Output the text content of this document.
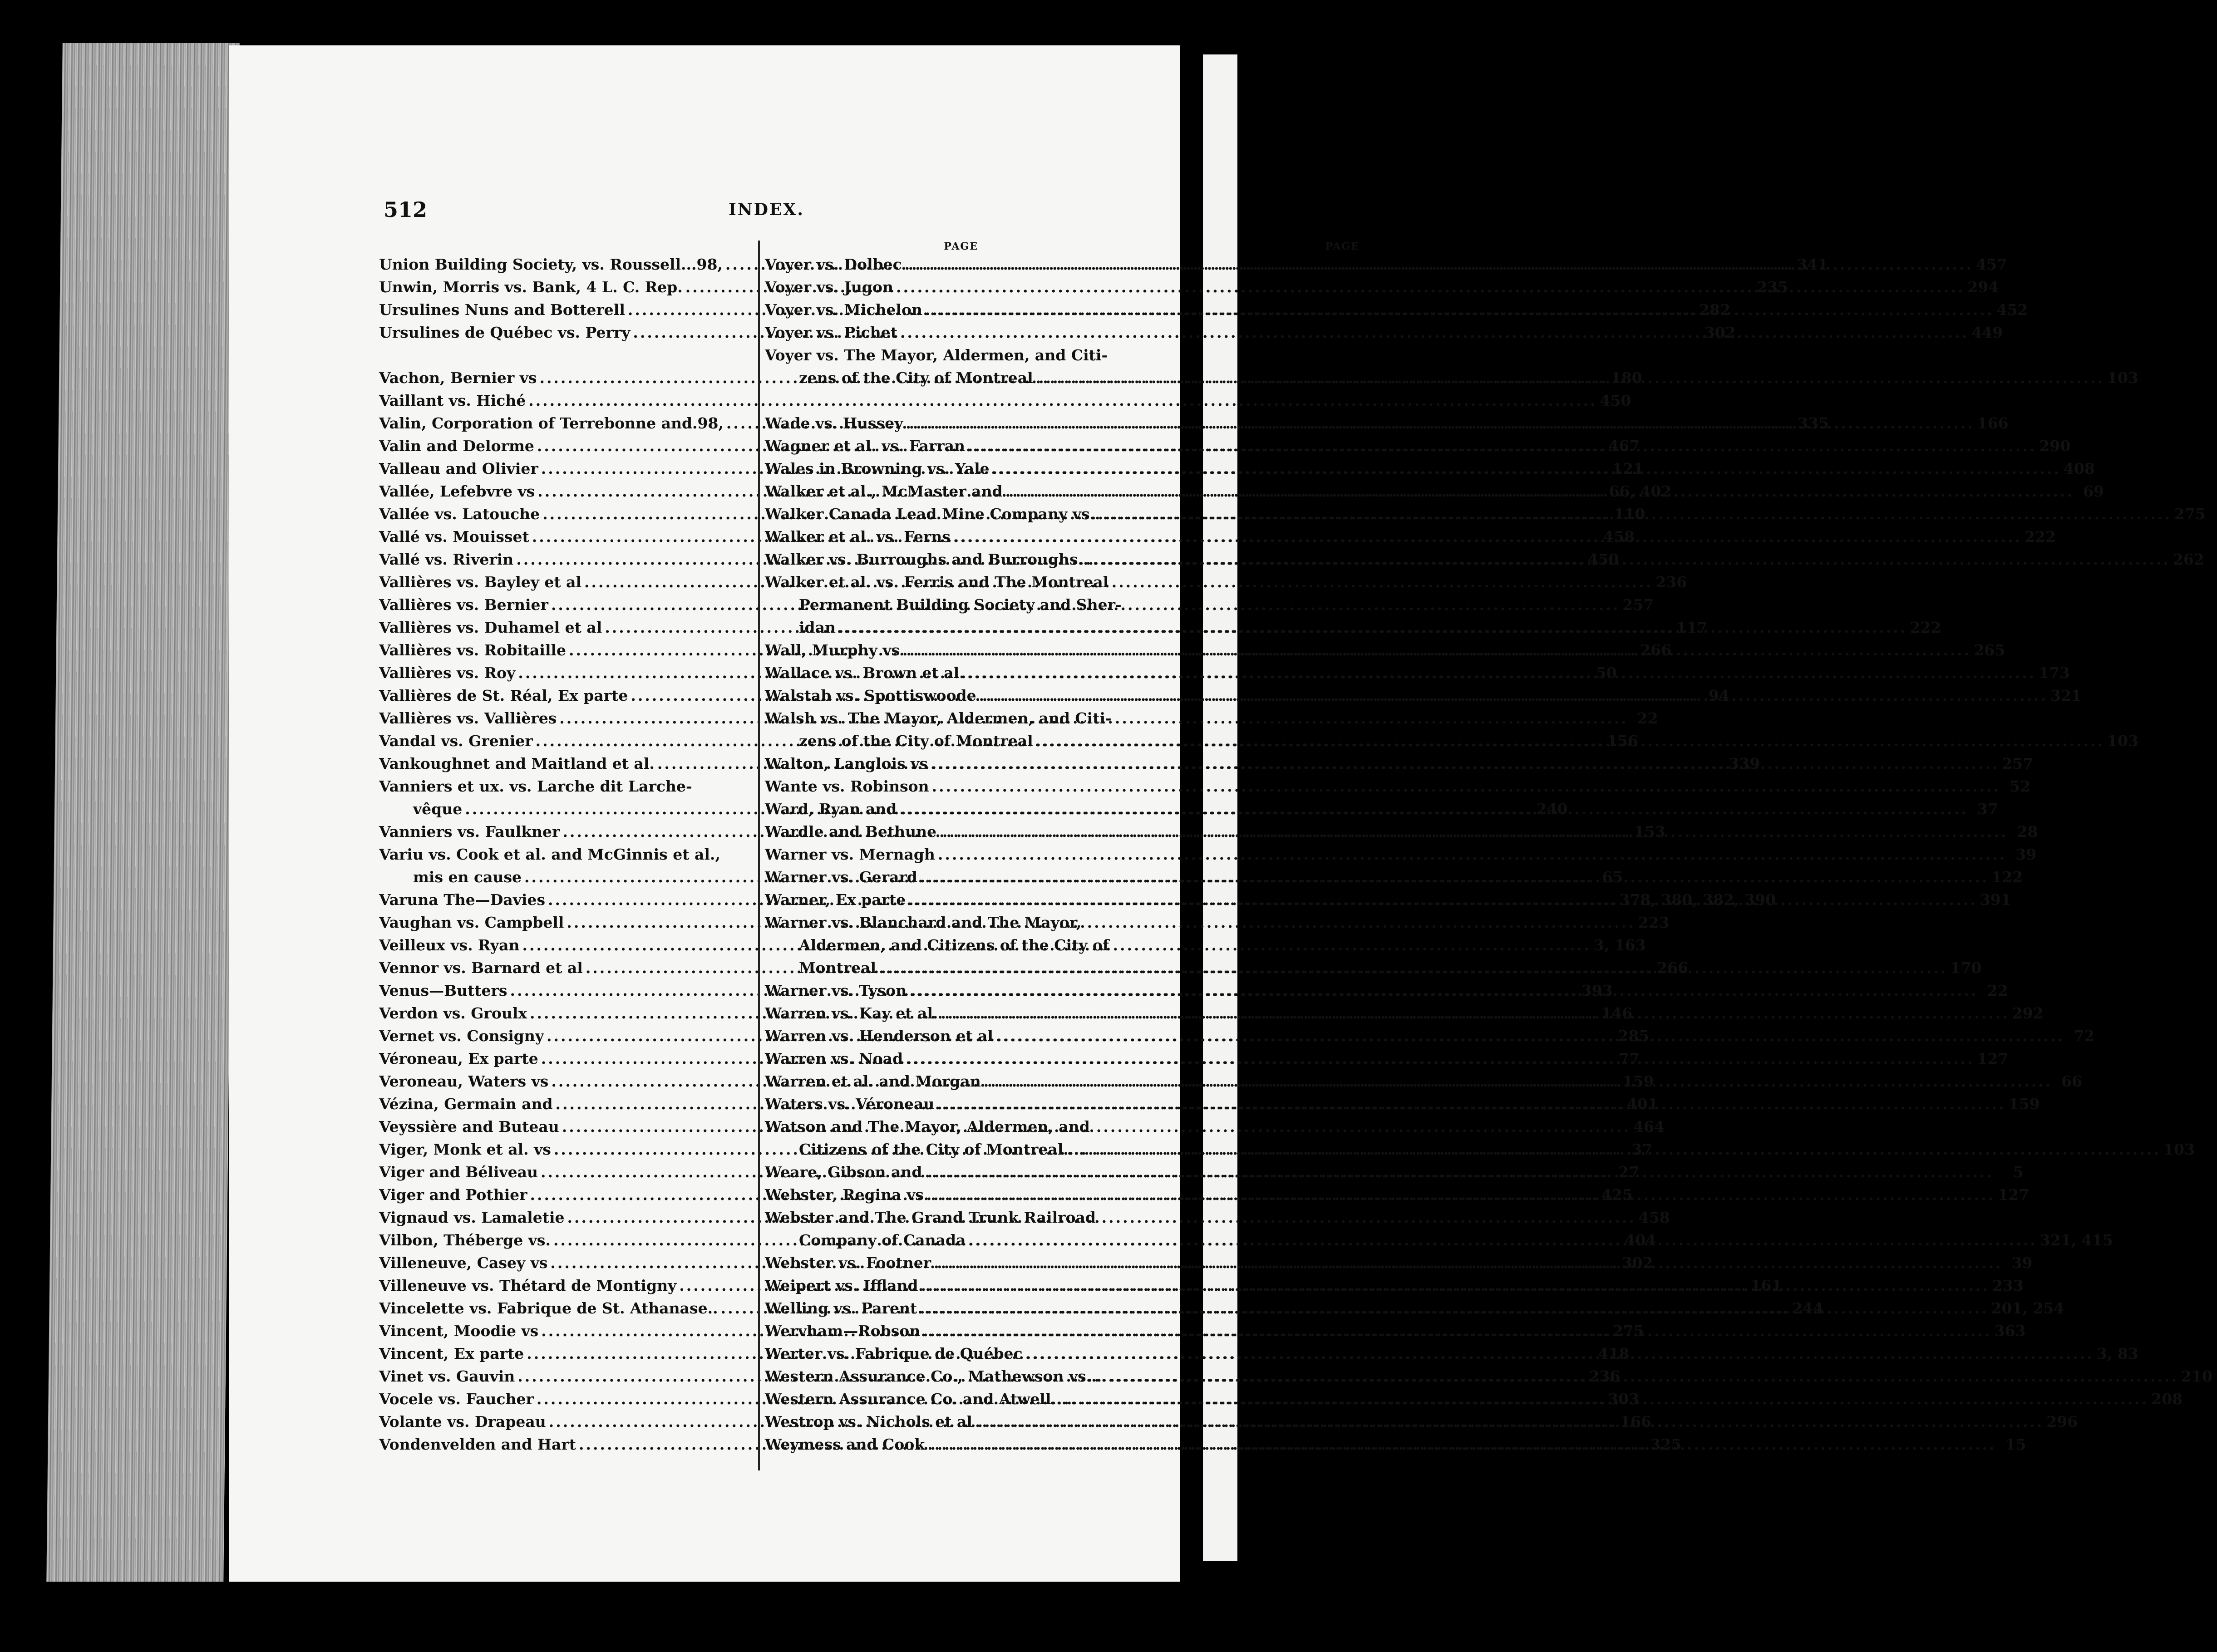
512	INDEX.
PAGE
Union Building Society, vs. Roussell...98, .....	341
Unwin, Morris vs. Bank, 4 L. C. Rep. .....	235
Ursulines Nuns and Botterell .....	282
Ursulines de Québec vs. Perry .....	302
Vachon, Bernier vs .....	180
Vaillant vs. Hiché .....	450
Valin, Corporation of Terrebonne and.98, .....	335
Valin and Delorme .....	467
Valleau and Olivier .....	121
Vallée, Lefebvre vs .....	66, 402
Vallée vs. Latouche .....	110
Vallé vs. Mouisset .....	458
Vallé vs. Riverin .....	450
Vallières vs. Bayley et al .....	236
Vallières vs. Bernier .....	257
Vallières vs. Duhamel et al .....	117
Vallières vs. Robitaille .....	266
Vallières vs. Roy .....	50
Vallières de St. Réal, Ex parte .....	94
Vallières vs. Vallières .....	22
Vandal vs. Grenier .....	156
Vankoughnet and Maitland et al. .....	339
Vanniers et ux. vs. Larche dit Larche-
vêque .....	240
Vanniers vs. Faulkner .....	153
Variu vs. Cook et al. and McGinnis et al.,
mis en cause .....	65
Varuna The—Davies .....	378, 380, 382, 390
Vaughan vs. Campbell .....	223
Veilleux vs. Ryan .....	3, 163
Vennor vs. Barnard et al .....	266
Venus—Butters .....	393
Verdon vs. Groulx .....	146
Vernet vs. Consigny .....	285
Véroneau, Ex parte .....	77
Veroneau, Waters vs .....	159
Vézina, Germain and .....	401
Veyssière and Buteau .....	464
Viger, Monk et al. vs .....	37
Viger and Béliveau .....	27
Viger and Pothier .....	425
Vignaud vs. Lamaletie .....	458
Vilbon, Théberge vs. .....	404
Villeneuve, Casey vs .....	302
Villeneuve vs. Thétard de Montigny .....	161
Vincelette vs. Fabrique de St. Athanase.. .....	244
Vincent, Moodie vs .....	275
Vincent, Ex parte .....	418
Vinet vs. Gauvin .....	236
Vocele vs. Faucher .....	303
Volante vs. Drapeau .....	166
Vondenvelden and Hart .....	325
PAGE
Voyer vs. Dolbec .....	457
Voyer vs. Jugon .....	294
Voyer vs. Michelon .....	452
Voyer vs. Pichet .....	449
Voyer vs. The Mayor, Aldermen, and Citi-
zens of the City of Montreal .....	103
Wade vs. Hussey .....	166
Wagner et al. vs. Farran .....	290
Wales in Browning vs. Yale .....	408
Walker et al., McMaster and .....	69
Walker Canada Lead Mine Company vs.. .....	275
Walker et al. vs. Ferns .....	222
Walker vs. Burroughs and Burroughs.... .....	262
Walker et al. vs. Ferris and The Montreal
Permanent Building Society and Sher-
idan .....	222
Wall, Murphy vs .....	265
Wallace vs. Brown et al. .....	173
Walstab vs. Spottiswoode .....	321
Walsh vs. The Mayor, Aldermen, and Citi-
zens of the City of Montreal .....	103
Walton, Langlois vs .....	257
Wante vs. Robinson .....	52
Ward, Ryan and .....	37
Wardle and Bethune .....	28
Warner vs. Mernagh .....	39
Warner vs. Gerard .....	122
Warner, Ex parte .....	391
Warner vs. Blanchard and The Mayor,
Aldermen, and Citizens of the City of
Montreal .....	170
Warner vs. Tyson .....	22
Warren vs. Kay et al. .....	292
Warren vs. Henderson et al .....	72
Warren vs. Noad .....	127
Warren et al. and Morgan .....	66
Waters vs. Véroneau .....	159
Watson and The Mayor, Aldermen, and
Citizens of the City of Montreal..... .....	103
Weare, Gibson and .....	5
Webster, Regina vs .....	127
Webster and The Grand Trunk Railroad
Company of Canada .....	321, 415
Webster vs. Footner .....	39
Weipert vs. Iffland .....	233
Welling vs. Parent .....	201, 254
Wervham—Robson .....	363
Werter vs. Fabrique de Québec .....	3, 83
Western Assurance Co., Mathewson vs.... .....	210
Western Assurance Co. and Atwell..... .....	208
Westrop vs. Nichols et al .....	296
Weymess and Cook .....	15
